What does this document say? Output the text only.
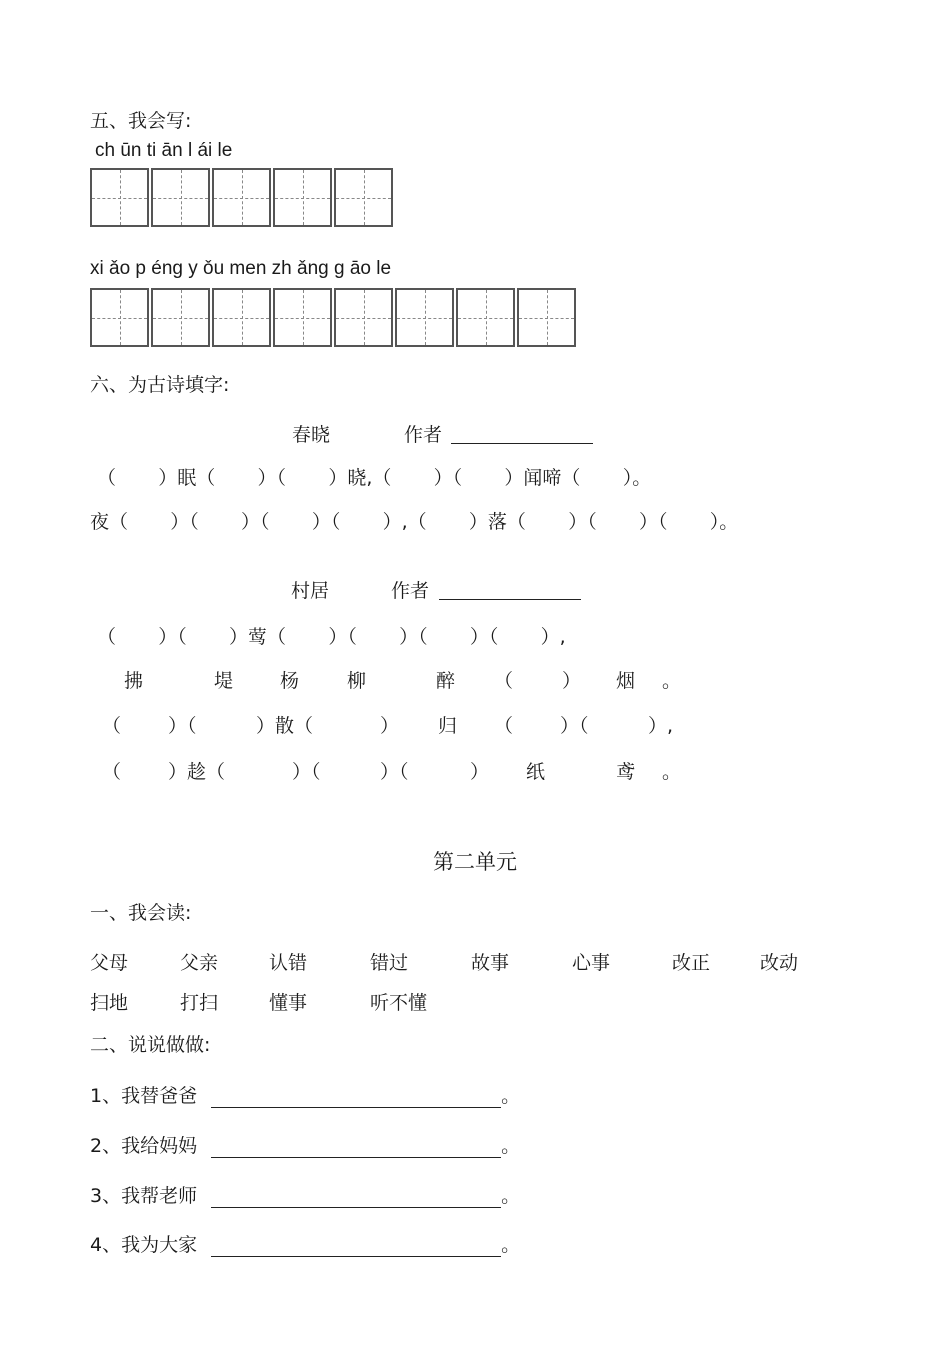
五、我会写:
ch ūn ti ān l ái le
xi ǎo p éng y ǒu men zh ǎng g āo le
六、为古诗填字:
春晓	作者
（       ）眠（       ）（       ）晓,（       ）（       ）闻啼（       ）。
夜（       ）（       ）（       ）（       ）,（       ）落（       ）（       ）（       ）。
村居	作者
（       ）（       ）莺（       ）（       ）（       ）（       ）,
拂	堤 杨	柳	醉 （	） 烟 。
（ ）（	）散（	） 归 （ ）（	）,
（ ）趁（	）（	）（	） 纸	鸢 。
第二单元
一、我会读:
父母	父亲	认错	错过	故事	心事	改正	改动
扫地	打扫	懂事	听不懂
二、说说做做:
1、我替爸爸	。
2、我给妈妈	。
3、我帮老师	。
4、我为大家	。
